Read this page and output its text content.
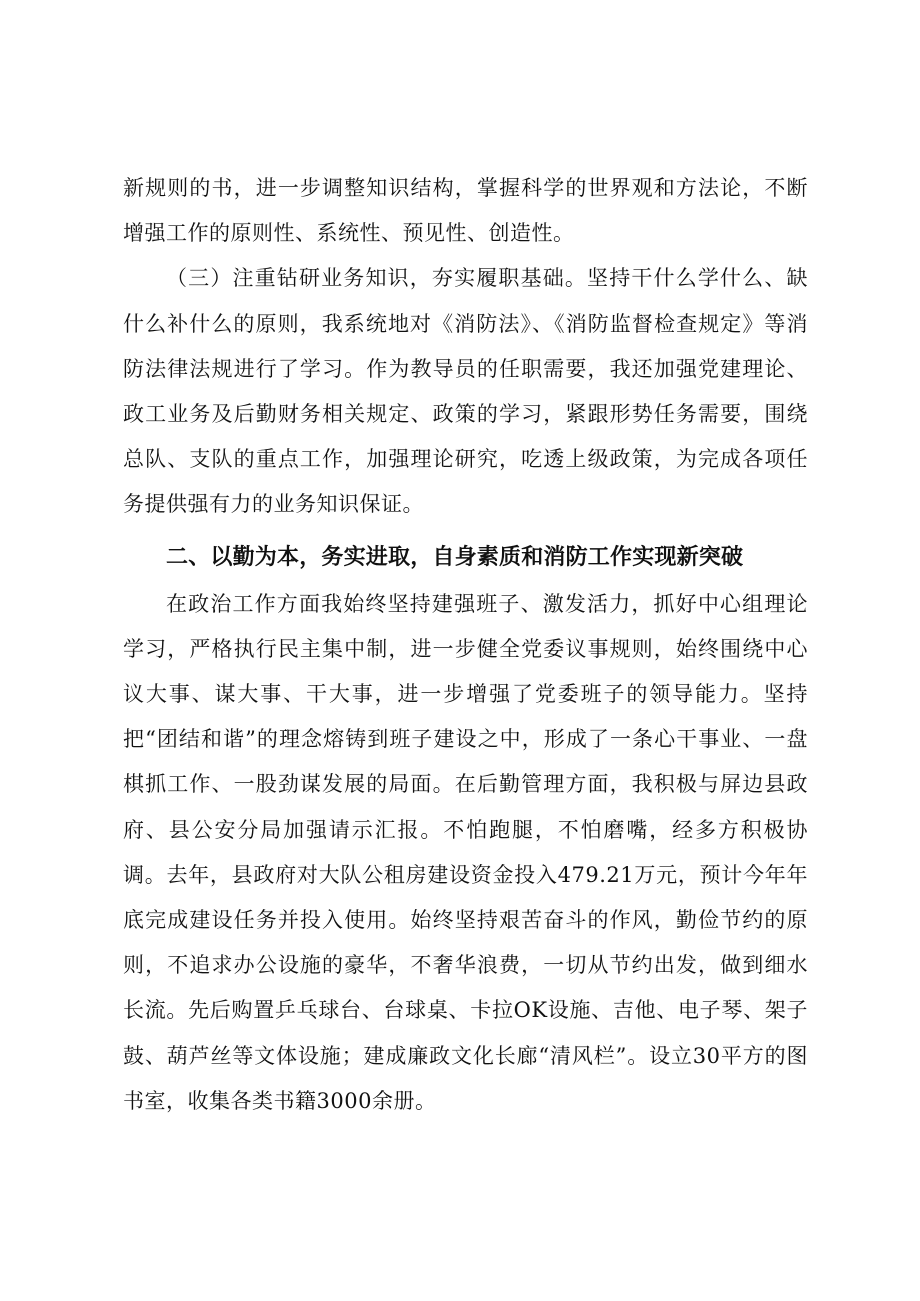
新规则的书，进一步调整知识结构，掌握科学的世界观和方法论，不断增强工作的原则性、系统性、预见性、创造性。

（三）注重钻研业务知识，夯实履职基础。坚持干什么学什么、缺什么补什么的原则，我系统地对《消防法》、《消防监督检查规定》等消防法律法规进行了学习。作为教导员的任职需要，我还加强党建理论、政工业务及后勤财务相关规定、政策的学习，紧跟形势任务需要，围绕总队、支队的重点工作，加强理论研究，吃透上级政策，为完成各项任务提供强有力的业务知识保证。

二、以勤为本，务实进取，自身素质和消防工作实现新突破

在政治工作方面我始终坚持建强班子、激发活力，抓好中心组理论学习，严格执行民主集中制，进一步健全党委议事规则，始终围绕中心议大事、谋大事、干大事，进一步增强了党委班子的领导能力。坚持把“团结和谐”的理念熔铸到班子建设之中，形成了一条心干事业、一盘棋抓工作、一股劲谋发展的局面。在后勤管理方面，我积极与屏边县政府、县公安分局加强请示汇报。不怕跑腿，不怕磨嘴，经多方积极协调。去年，县政府对大队公租房建设资金投入479.21万元，预计今年年底完成建设任务并投入使用。始终坚持艰苦奋斗的作风，勤俭节约的原则，不追求办公设施的豪华，不奢华浪费，一切从节约出发，做到细水长流。先后购置乒乓球台、台球桌、卡拉OK设施、吉他、电子琴、架子鼓、葫芦丝等文体设施；建成廉政文化长廊“清风栏”。设立30平方的图书室，收集各类书籍3000余册。
